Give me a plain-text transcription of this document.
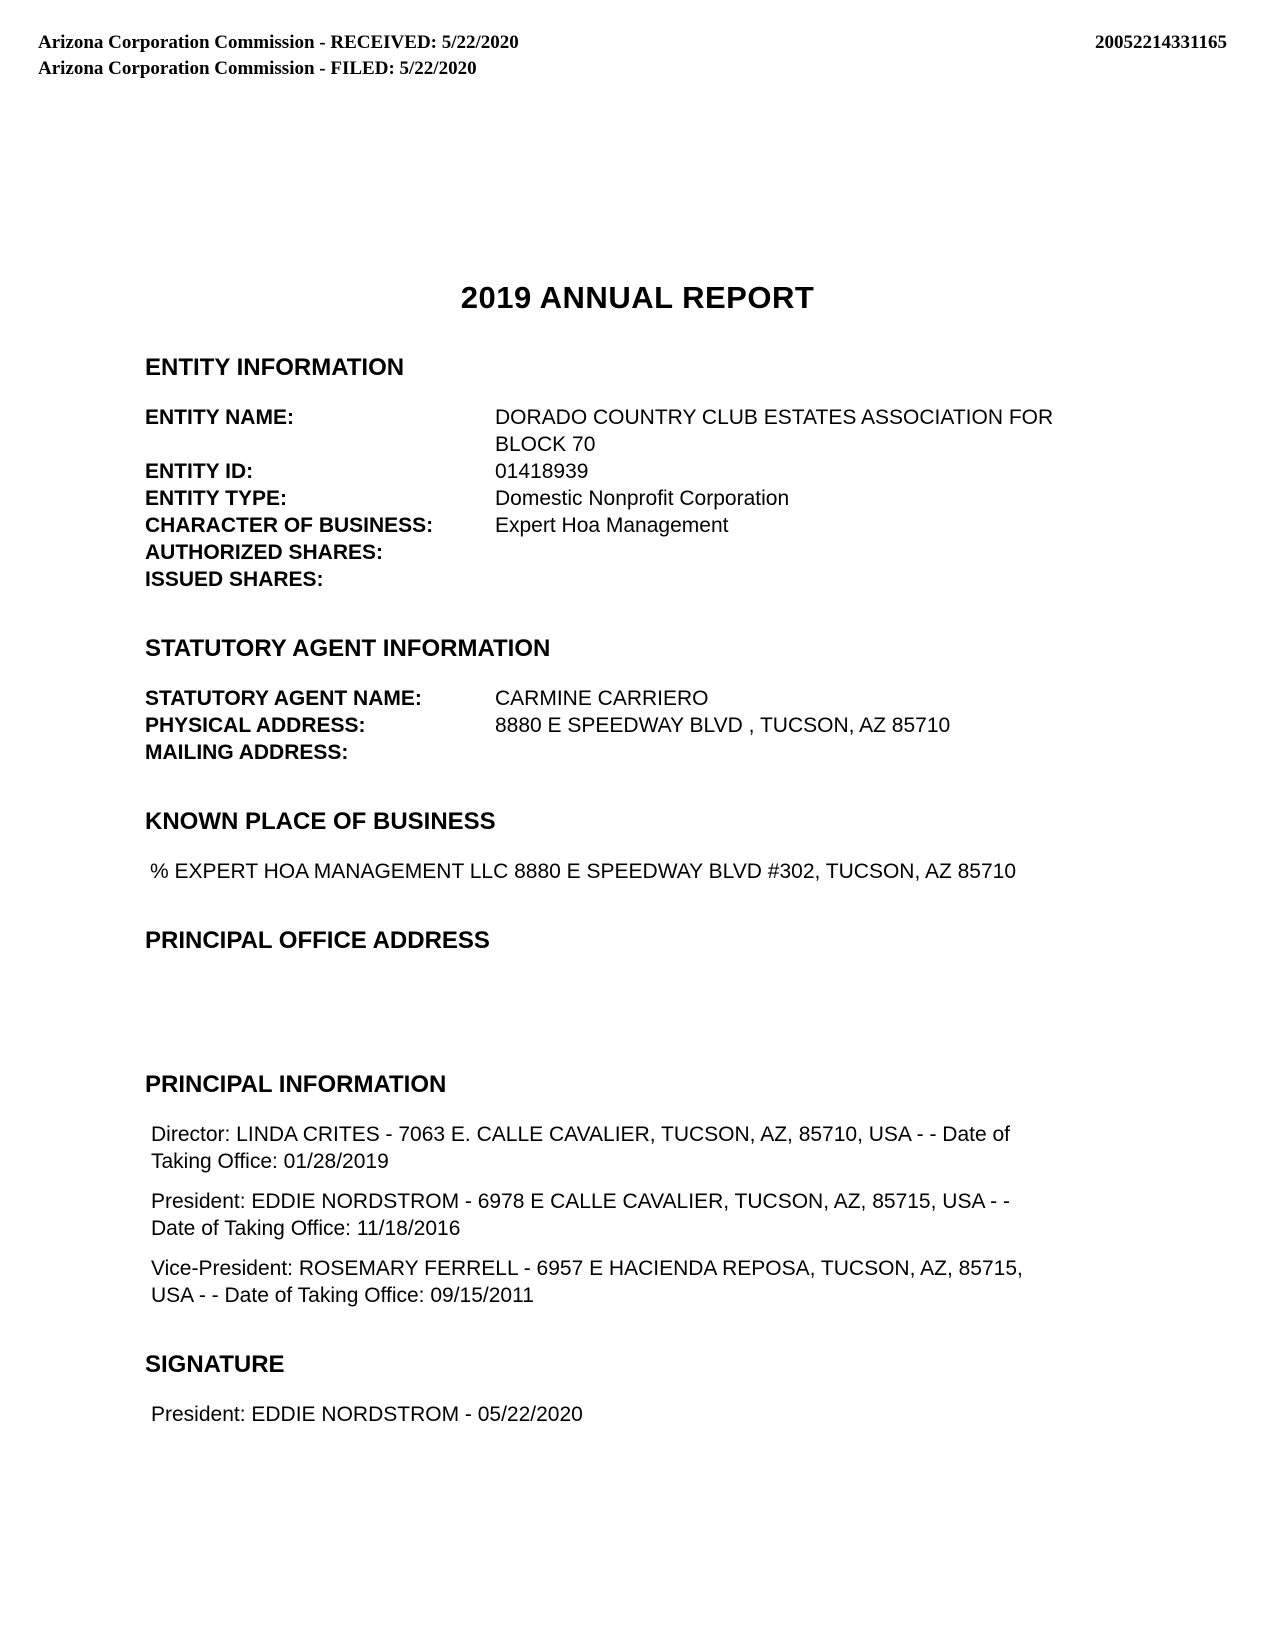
Arizona Corporation Commission - RECEIVED: 5/22/2020
Arizona Corporation Commission - FILED: 5/22/2020
20052214331165
2019 ANNUAL REPORT
ENTITY INFORMATION
ENTITY NAME:	DORADO COUNTRY CLUB ESTATES ASSOCIATION FOR BLOCK 70
ENTITY ID:	01418939
ENTITY TYPE:	Domestic Nonprofit Corporation
CHARACTER OF BUSINESS:	Expert Hoa Management
AUTHORIZED SHARES:
ISSUED SHARES:
STATUTORY AGENT INFORMATION
STATUTORY AGENT NAME:	CARMINE CARRIERO
PHYSICAL ADDRESS:	8880 E SPEEDWAY BLVD , TUCSON, AZ 85710
MAILING ADDRESS:
KNOWN PLACE OF BUSINESS
% EXPERT HOA MANAGEMENT LLC 8880 E SPEEDWAY BLVD #302, TUCSON, AZ 85710
PRINCIPAL OFFICE ADDRESS
PRINCIPAL INFORMATION

Director: LINDA CRITES - 7063 E. CALLE CAVALIER, TUCSON, AZ, 85710, USA - - Date of Taking Office: 01/28/2019

President: EDDIE NORDSTROM - 6978 E CALLE CAVALIER, TUCSON, AZ, 85715, USA - - Date of Taking Office: 11/18/2016

Vice-President: ROSEMARY FERRELL - 6957 E HACIENDA REPOSA, TUCSON, AZ, 85715, USA - - Date of Taking Office: 09/15/2011

SIGNATURE
President: EDDIE NORDSTROM - 05/22/2020
